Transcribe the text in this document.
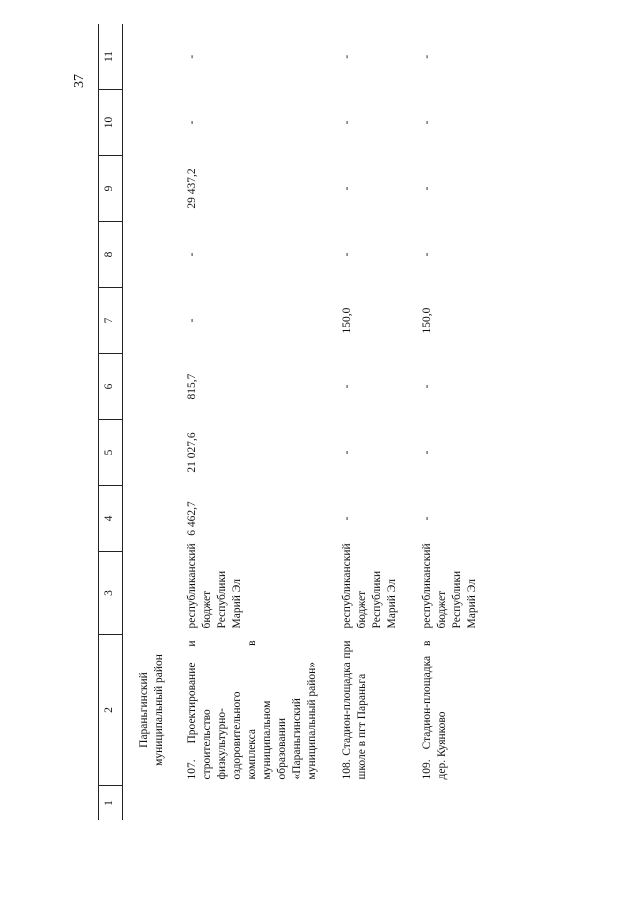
37
1	2	3	4	5	6	7	8	9	10	11
	Параньгинский муниципальный район									
	107. Проектирование и строительство физкультурно-оздоровительного комплекса в муниципальном образовании «Параньгинский муниципальный район»	республиканский бюджет Республики Марий Эл	6 462,7	21 027,6	815,7	-	-	29 437,2	-	-
	108. Стадион-площадка при школе в пгт Параньга	республиканский бюджет Республики Марий Эл	-	-	-	150,0	-	-	-	-
	109. Стадион-площадка в дер. Куянково	республиканский бюджет Республики Марий Эл	-	-	-	150,0	-	-	-	-
